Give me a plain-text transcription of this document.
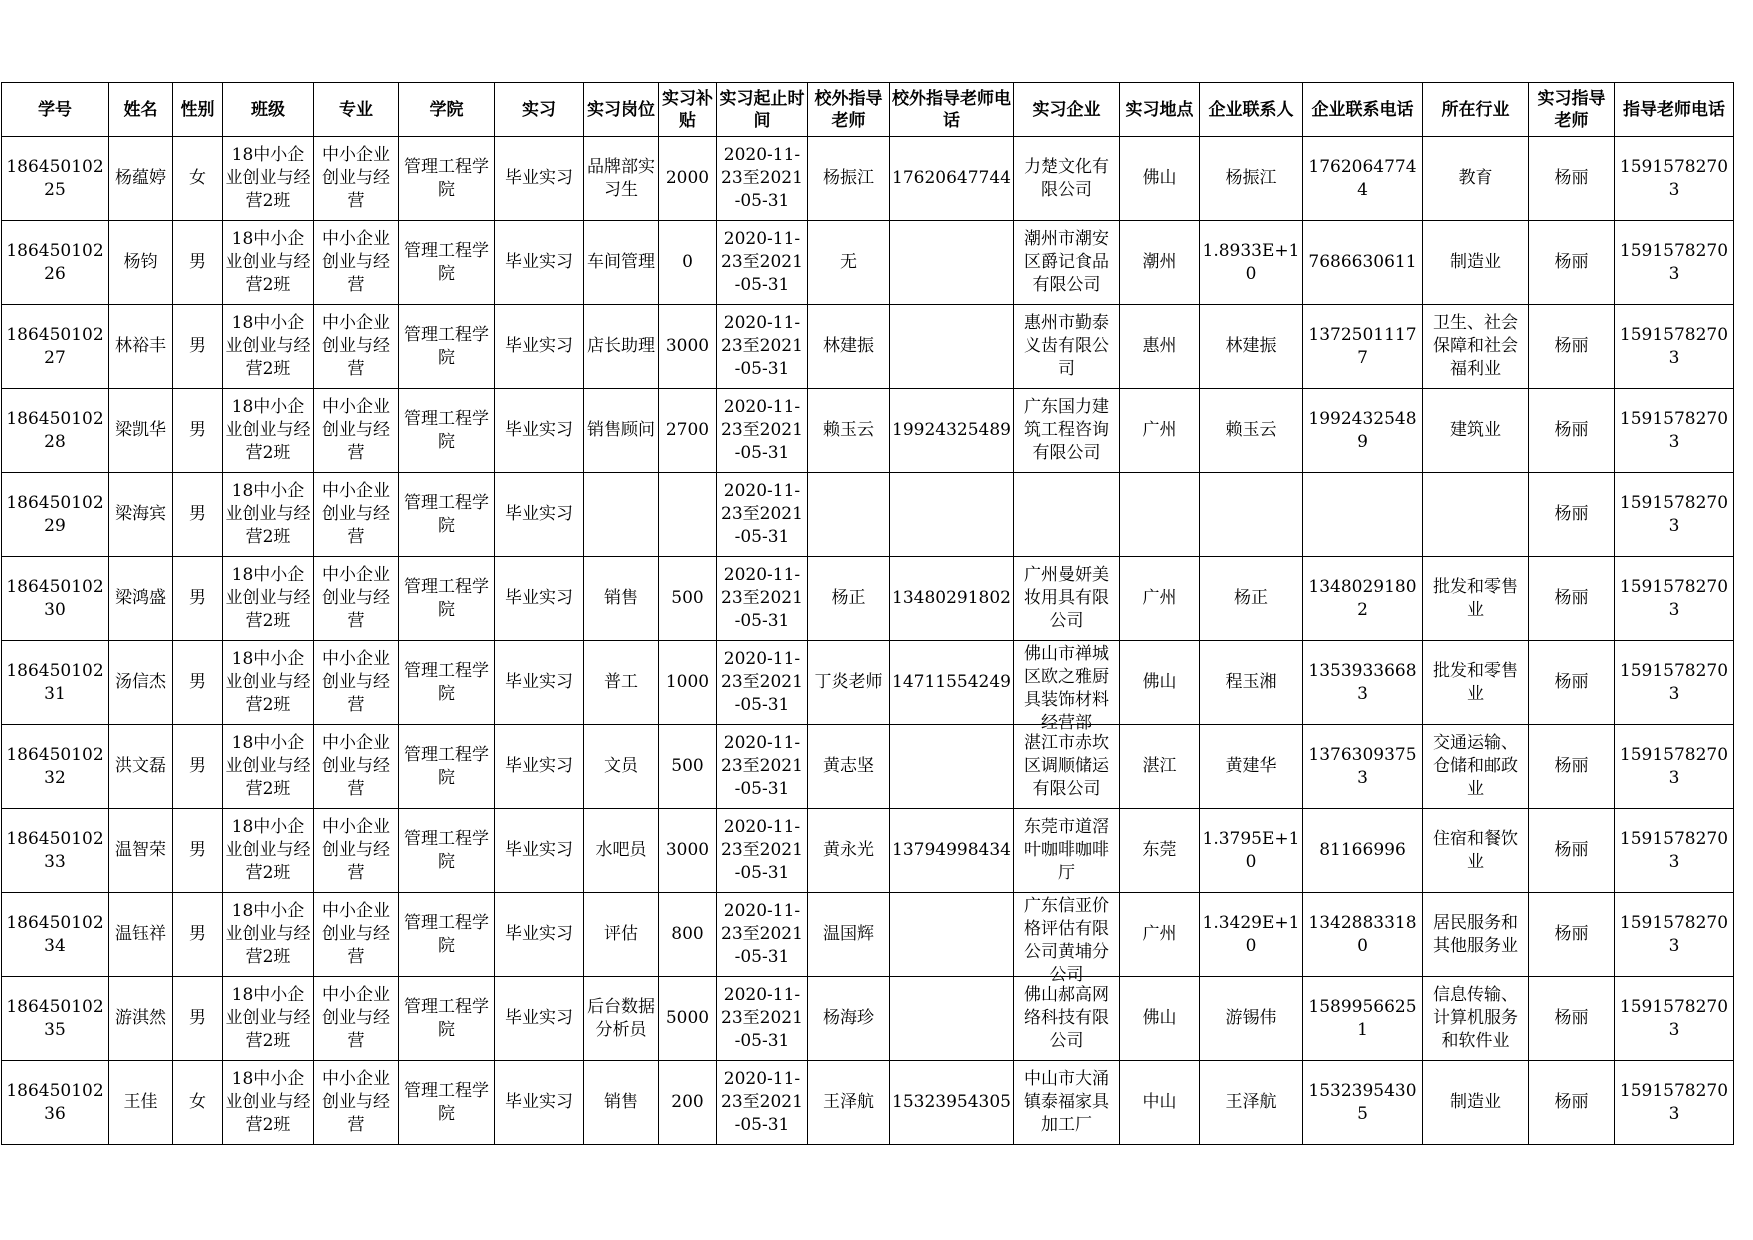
学号	姓名	性别	班级	专业	学院	实习	实习岗位	实习补贴	实习起止时间	校外指导老师	校外指导老师电话	实习企业	实习地点	企业联系人	企业联系电话	所在行业	实习指导老师	指导老师电话

18645010225	杨蕴婷	女	18中小企业创业与经营2班	中小企业创业与经营	管理工程学院	毕业实习	品牌部实习生	2000	2020-11-23至2021-05-31	杨振江	17620647744	力楚文化有限公司	佛山	杨振江	17620647744	教育	杨丽	15915782703

18645010226	杨钧	男	18中小企业创业与经营2班	中小企业创业与经营	管理工程学院	毕业实习	车间管理	0	2020-11-23至2021-05-31	无		潮州市潮安区爵记食品有限公司	潮州	1.8933E+10	7686630611	制造业	杨丽	15915782703

18645010227	林裕丰	男	18中小企业创业与经营2班	中小企业创业与经营	管理工程学院	毕业实习	店长助理	3000	2020-11-23至2021-05-31	林建振		惠州市勤泰义齿有限公司	惠州	林建振	13725011177	卫生、社会保障和社会福利业	杨丽	15915782703

18645010228	梁凯华	男	18中小企业创业与经营2班	中小企业创业与经营	管理工程学院	毕业实习	销售顾问	2700	2020-11-23至2021-05-31	赖玉云	19924325489	广东国力建筑工程咨询有限公司	广州	赖玉云	19924325489	建筑业	杨丽	15915782703

18645010229	梁海宾	男	18中小企业创业与经营2班	中小企业创业与经营	管理工程学院	毕业实习			2020-11-23至2021-05-31								杨丽	15915782703

18645010230	梁鸿盛	男	18中小企业创业与经营2班	中小企业创业与经营	管理工程学院	毕业实习	销售	500	2020-11-23至2021-05-31	杨正	13480291802	广州曼妍美妆用具有限公司	广州	杨正	13480291802	批发和零售业	杨丽	15915782703

18645010231	汤信杰	男	18中小企业创业与经营2班	中小企业创业与经营	管理工程学院	毕业实习	普工	1000	2020-11-23至2021-05-31	丁炎老师	14711554249	佛山市禅城区欧之雅厨具装饰材料经营部	佛山	程玉湘	13539336683	批发和零售业	杨丽	15915782703

18645010232	洪文磊	男	18中小企业创业与经营2班	中小企业创业与经营	管理工程学院	毕业实习	文员	500	2020-11-23至2021-05-31	黄志坚		湛江市赤坎区调顺储运有限公司	湛江	黄建华	13763093753	交通运输、仓储和邮政业	杨丽	15915782703

18645010233	温智荣	男	18中小企业创业与经营2班	中小企业创业与经营	管理工程学院	毕业实习	水吧员	3000	2020-11-23至2021-05-31	黄永光	13794998434	东莞市道滘叶咖啡咖啡厅	东莞	1.3795E+10	81166996	住宿和餐饮业	杨丽	15915782703

18645010234	温钰祥	男	18中小企业创业与经营2班	中小企业创业与经营	管理工程学院	毕业实习	评估	800	2020-11-23至2021-05-31	温国辉		广东信亚价格评估有限公司黄埔分公司	广州	1.3429E+10	13428833180	居民服务和其他服务业	杨丽	15915782703

18645010235	游淇然	男	18中小企业创业与经营2班	中小企业创业与经营	管理工程学院	毕业实习	后台数据分析员	5000	2020-11-23至2021-05-31	杨海珍		佛山郝高网络科技有限公司	佛山	游锡伟	15899566251	信息传输、计算机服务和软件业	杨丽	15915782703

18645010236	王佳	女	18中小企业创业与经营2班	中小企业创业与经营	管理工程学院	毕业实习	销售	200	2020-11-23至2021-05-31	王泽航	15323954305	中山市大涌镇泰福家具加工厂	中山	王泽航	15323954305	制造业	杨丽	15915782703
